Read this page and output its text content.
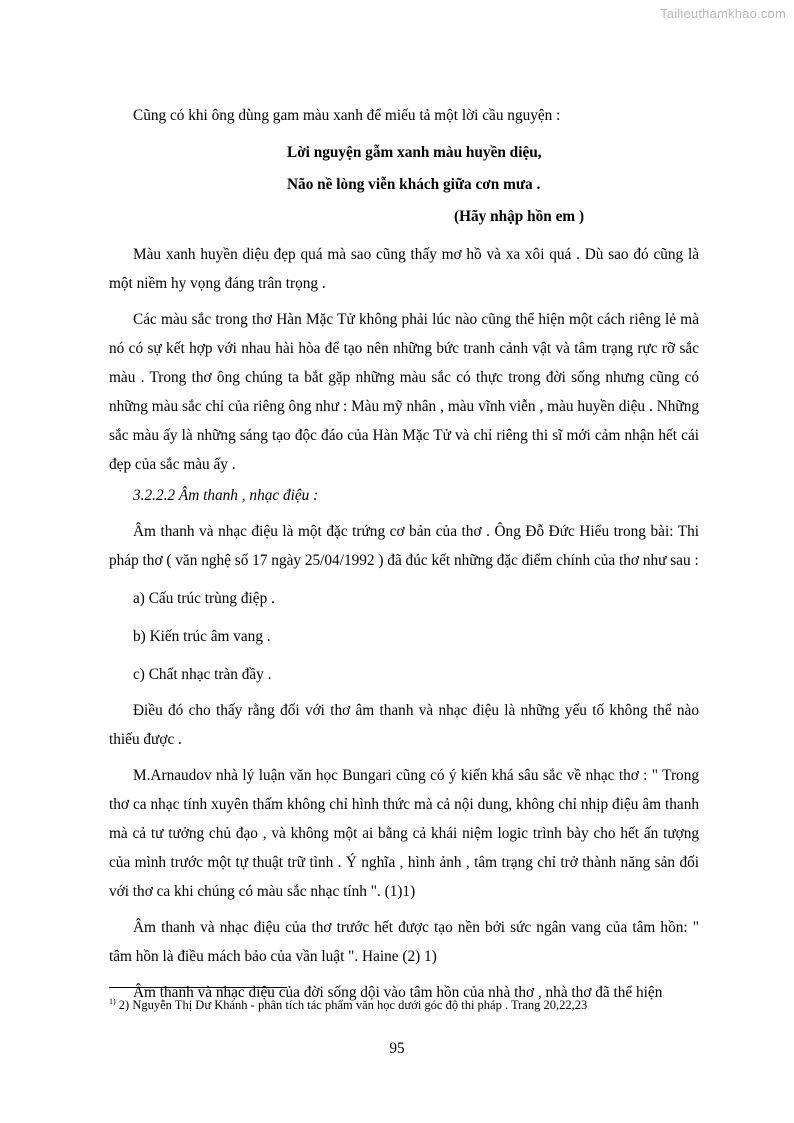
Tailieuthamkhao.com

Cũng có khi ông dùng gam màu xanh để miếu tả một lời cầu nguyện :

Lời nguyện gẫm xanh màu huyền diệu,
Não nề lòng viễn khách giữa cơn mưa .
(Hãy nhập hồn em )

Màu xanh huyền diệu đẹp quá mà sao cũng thấy mơ hồ và xa xôi quá . Dù sao đó cũng là một niềm hy vọng đáng trân trọng .

Các màu sắc trong thơ Hàn Mặc Tử không phải lúc nào cũng thể hiện một cách riêng lẻ mà nó có sự kết hợp với nhau hài hòa để tạo nên những bức tranh cảnh vật và tâm trạng rực rỡ sắc màu . Trong thơ ông chúng ta bắt gặp những màu sắc có thực trong đời sống nhưng cũng có những màu sắc chỉ của riêng ông như : Màu mỹ nhân , màu vĩnh viễn , màu huyền diệu . Những sắc màu ấy là những sáng tạo độc đáo của Hàn Mặc Tử và chỉ riêng thi sĩ mới cảm nhận hết cái đẹp của sắc màu ấy .

3.2.2.2 Âm thanh , nhạc điệu :

Âm thanh và nhạc điệu là một đặc trứng cơ bản của thơ . Ông Đỗ Đức Hiểu trong bài: Thi pháp thơ ( văn nghệ số 17 ngày 25/04/1992 ) đã đúc kết những đặc điểm chính của thơ như sau :

a) Cấu trúc trùng điệp .

b) Kiến trúc âm vang .

c) Chất nhạc tràn đầy .

Điều đó cho thấy rằng đối với thơ âm thanh và nhạc điệu là những yếu tố không thể nào thiếu được .

M.Arnaudov nhà lý luận văn học Bungari cũng có ý kiến khá sâu sắc về nhạc thơ : " Trong thơ ca nhạc tính xuyên thấm không chỉ hình thức mà cả nội dung, không chỉ nhịp điệu âm thanh mà cả tư tưởng chủ đạo , và không một ai bằng cả khái niệm logic trình bày cho hết ấn tượng của mình trước một tự thuật trữ tình . Ý nghĩa , hình ảnh , tâm trạng chỉ trở thành năng sản đối với thơ ca khi chúng có màu sắc nhạc tính ". (1)1)

Âm thanh và nhạc điệu của thơ trước hết được tạo nền bởi sức ngân vang của tâm hồn: " tâm hồn là điều mách bảo của vần luật ". Haine (2) 1)

Âm thanh và nhạc điệu của đời sống dội vào tâm hồn của nhà thơ , nhà thơ đã thể hiện

$^{1)}$ 2) Nguyễn Thị Dư Khánh - phân tích tác phẩm văn học dưới góc độ thi pháp . Trang 20,22,23
95
